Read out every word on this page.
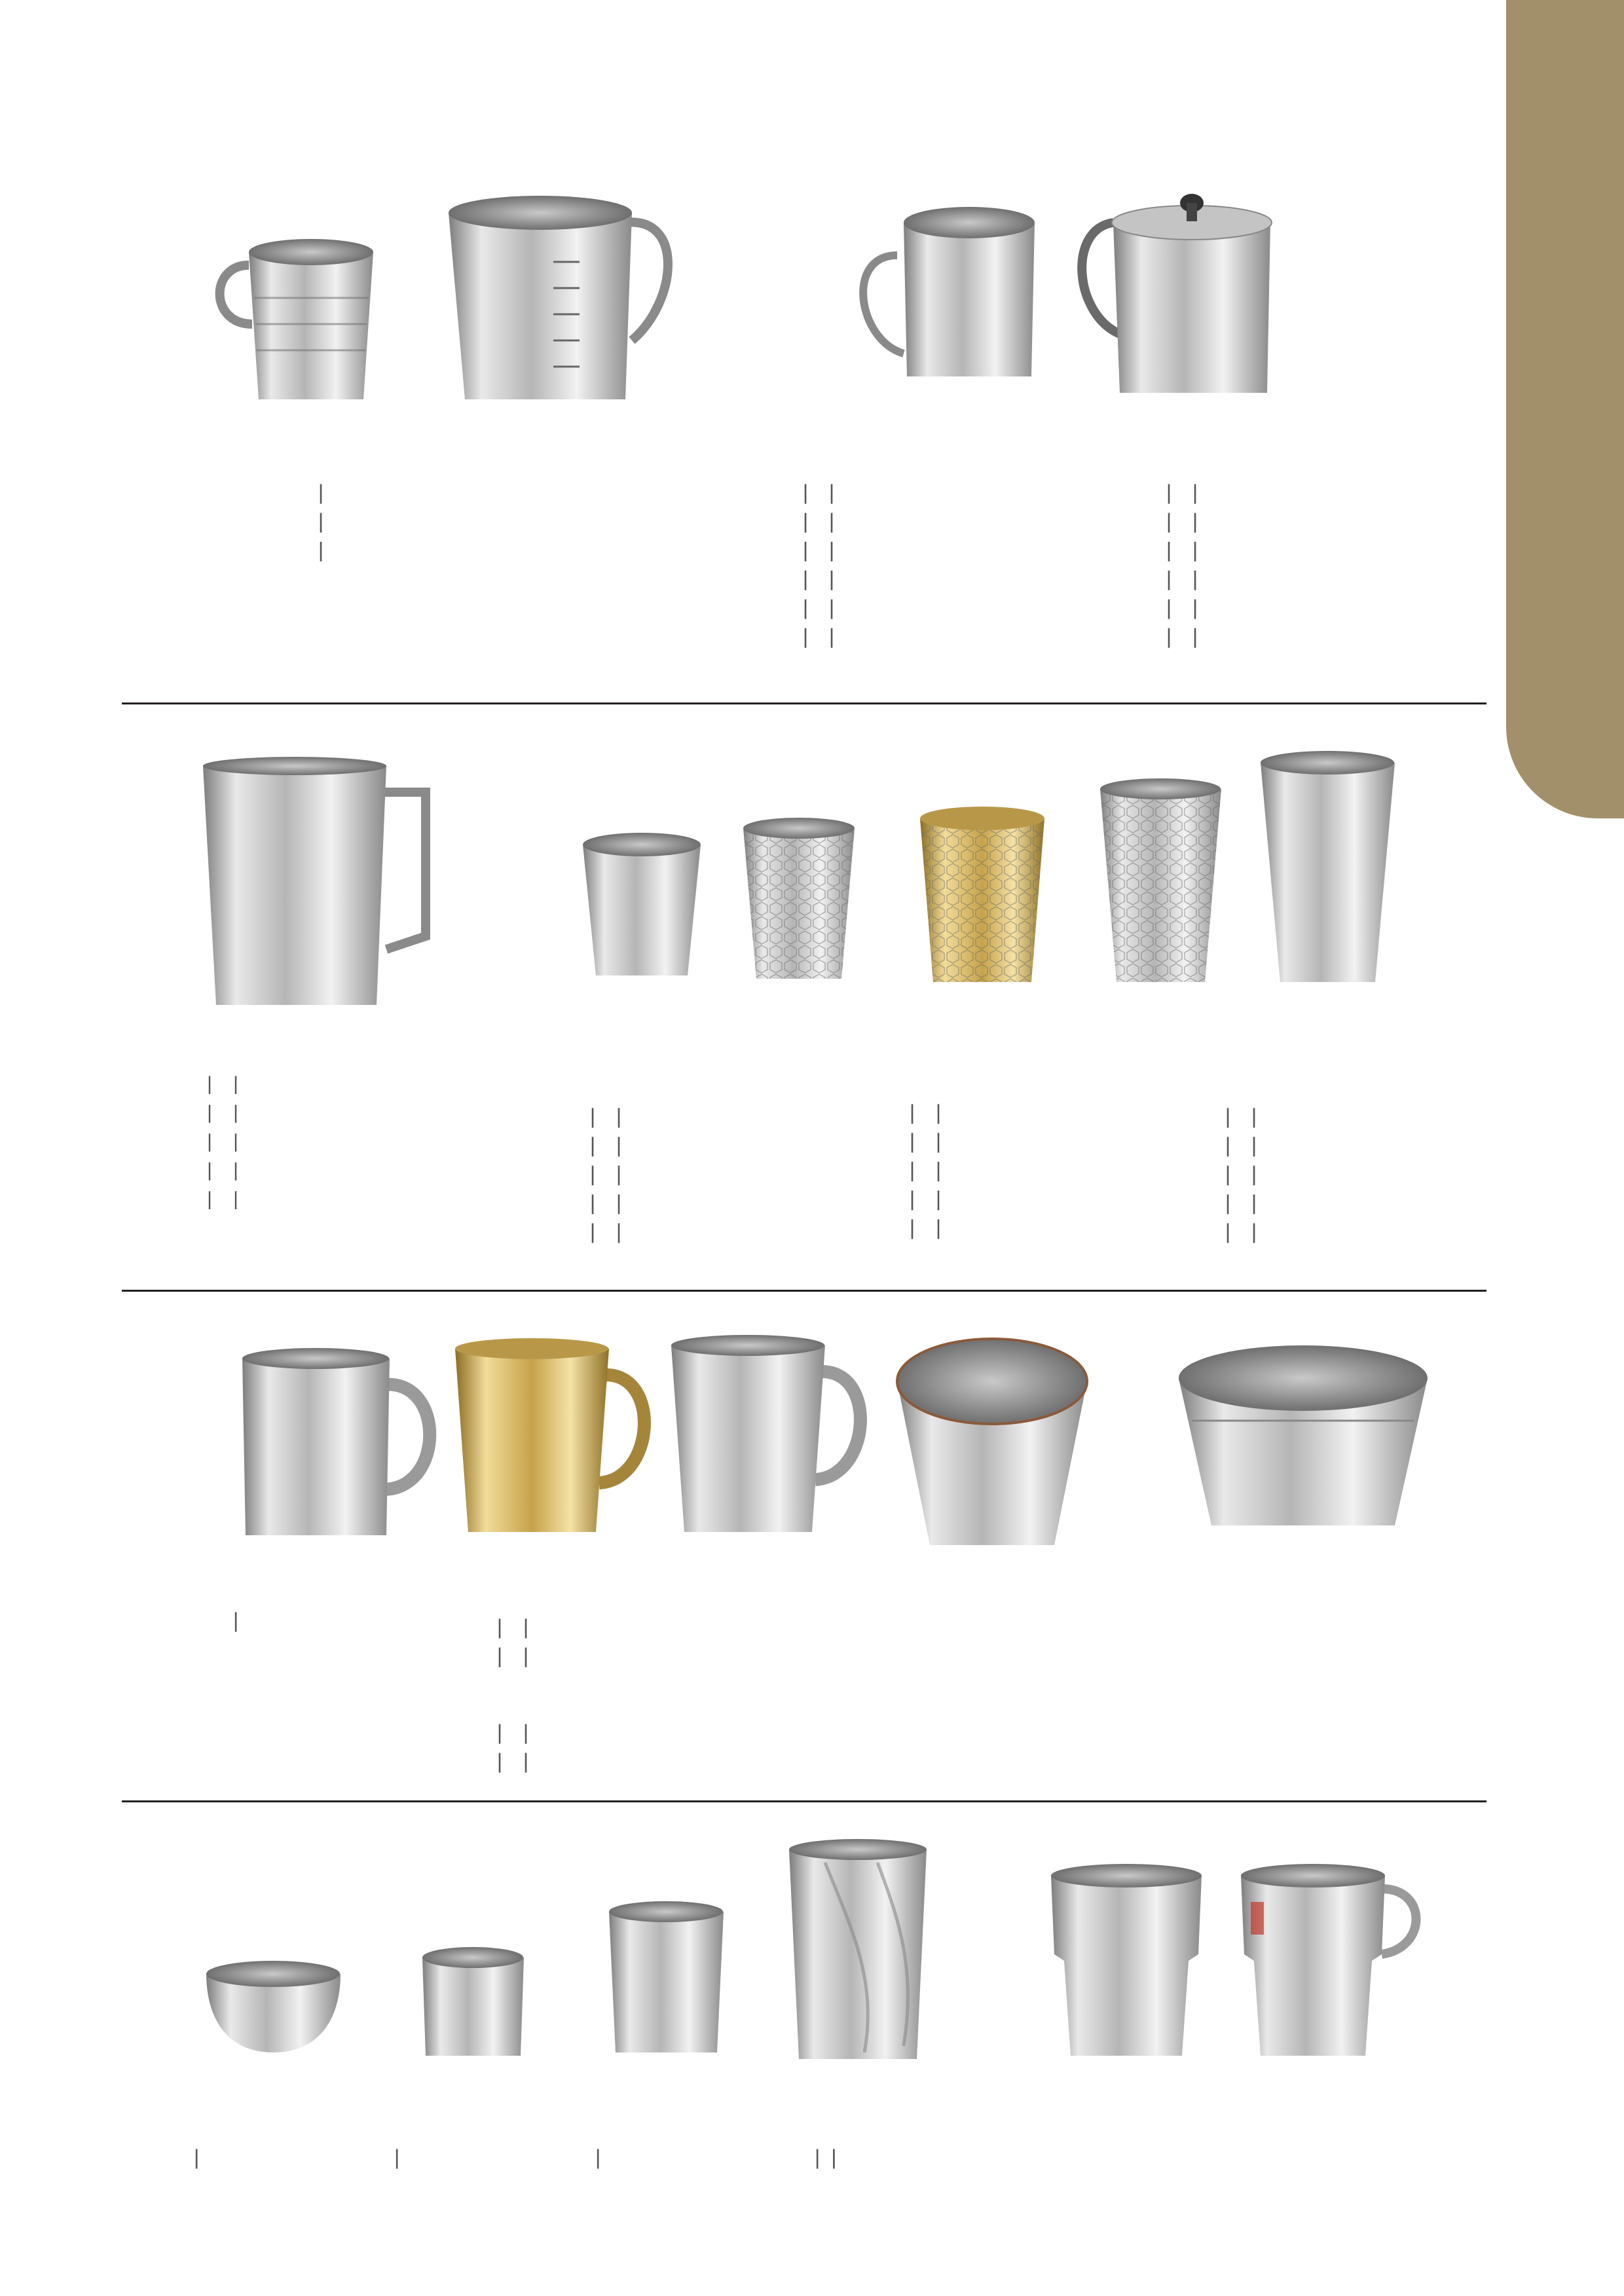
	|	
	|	
	|	
	|		|	
	|		|	
	|		|	
	|		|	
	|		|	
	|		|	
	|		|	
	|		|	
	|		|	
	|		|	
	|		|	
	|		|	
	|		|	
	|		|	
	|		|	
	|		|	
	|		|	
	|		|	
	|		|	
	|		|	
	|		|	
	|		|	
	|		|	
	|		|	
	|		|	
	|		|	
	|		|	
	|		|	
	|		|	
	|		|	
	|		|	
	|		|	
|
		|		|	
	|		|	
	|		|	
	|		|	
|	|	|	| |
